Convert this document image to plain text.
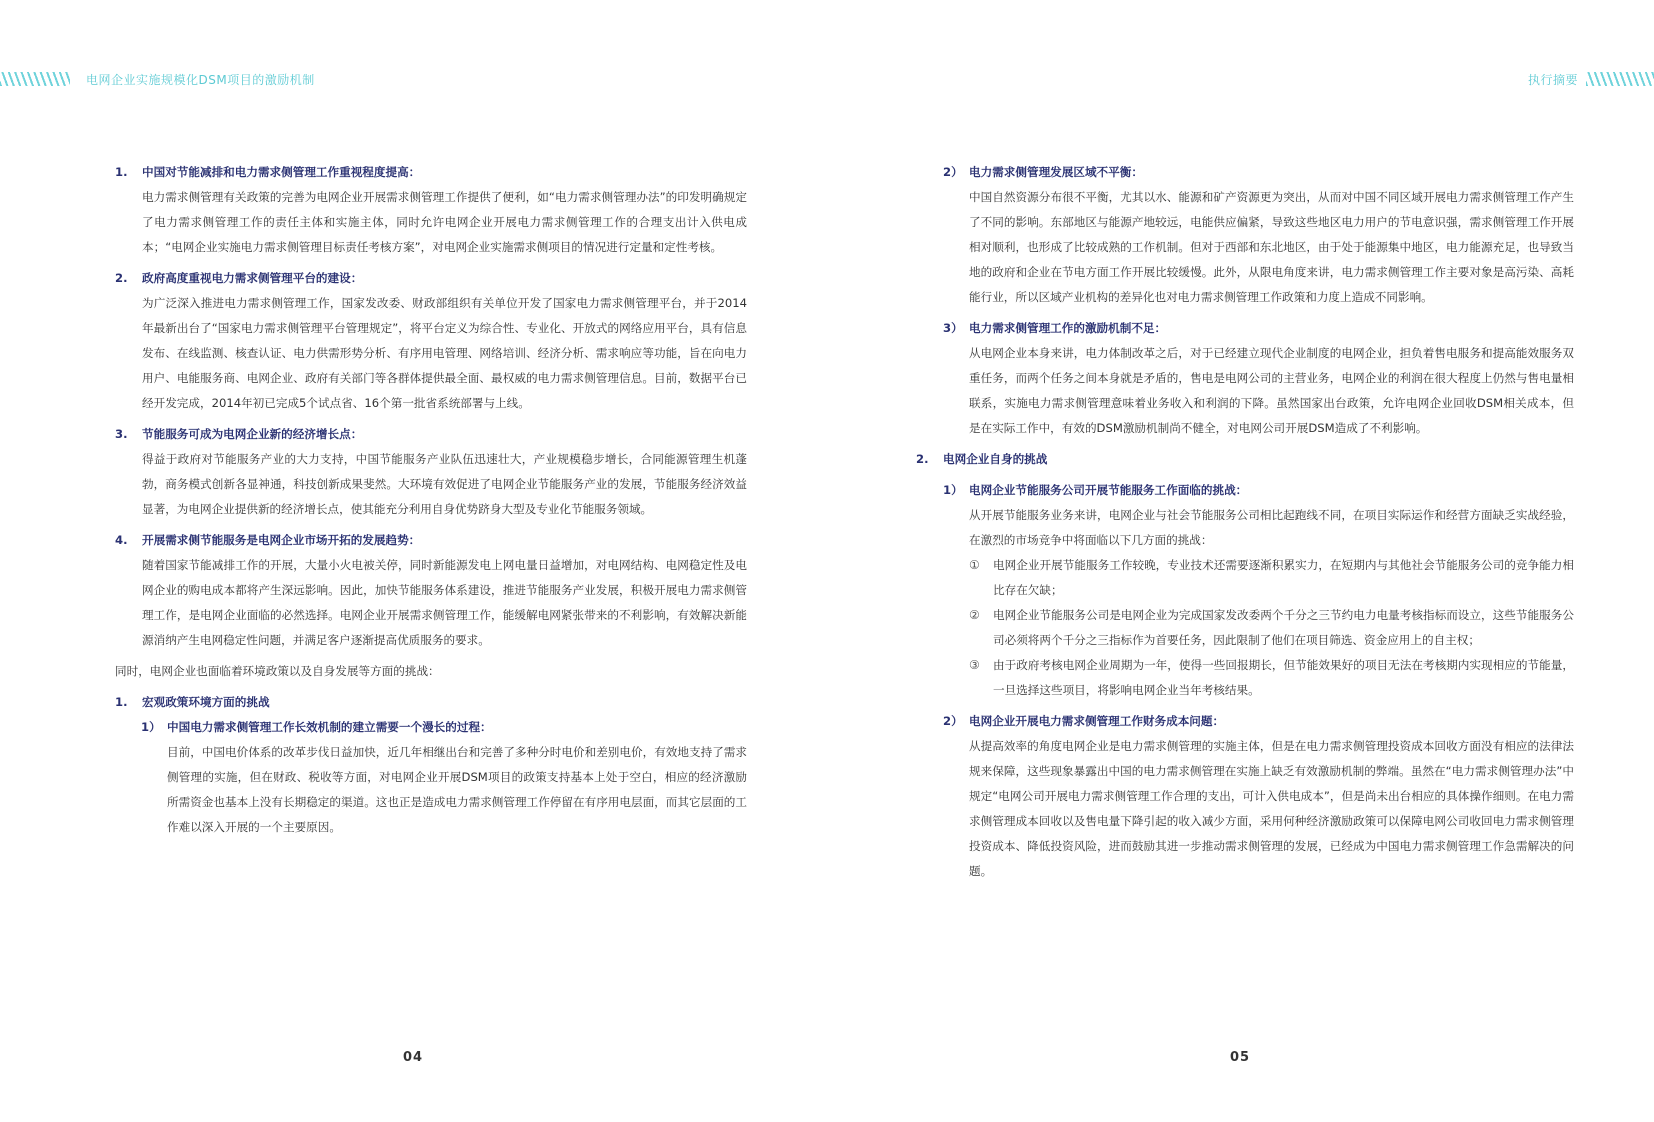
电网企业实施规模化DSM项目的激励机制	执行摘要
1. 中国对节能减排和电力需求侧管理工作重视程度提高：
电力需求侧管理有关政策的完善为电网企业开展需求侧管理工作提供了便利，如“电力需求侧管理办法”的印发明确规定了电力需求侧管理工作的责任主体和实施主体，同时允许电网企业开展电力需求侧管理工作的合理支出计入供电成本；“电网企业实施电力需求侧管理目标责任考核方案”，对电网企业实施需求侧项目的情况进行定量和定性考核。
2. 政府高度重视电力需求侧管理平台的建设：
为广泛深入推进电力需求侧管理工作，国家发改委、财政部组织有关单位开发了国家电力需求侧管理平台，并于2014年最新出台了“国家电力需求侧管理平台管理规定”，将平台定义为综合性、专业化、开放式的网络应用平台，具有信息发布、在线监测、核查认证、电力供需形势分析、有序用电管理、网络培训、经济分析、需求响应等功能，旨在向电力用户、电能服务商、电网企业、政府有关部门等各群体提供最全面、最权威的电力需求侧管理信息。目前，数据平台已经开发完成，2014年初已完成5个试点省、16个第一批省系统部署与上线。
3. 节能服务可成为电网企业新的经济增长点：
得益于政府对节能服务产业的大力支持，中国节能服务产业队伍迅速壮大，产业规模稳步增长，合同能源管理生机蓬勃，商务模式创新各显神通，科技创新成果斐然。大环境有效促进了电网企业节能服务产业的发展，节能服务经济效益显著，为电网企业提供新的经济增长点，使其能充分利用自身优势跻身大型及专业化节能服务领域。
4. 开展需求侧节能服务是电网企业市场开拓的发展趋势：
随着国家节能减排工作的开展，大量小火电被关停，同时新能源发电上网电量日益增加，对电网结构、电网稳定性及电网企业的购电成本都将产生深远影响。因此，加快节能服务体系建设，推进节能服务产业发展，积极开展电力需求侧管理工作，是电网企业面临的必然选择。电网企业开展需求侧管理工作，能缓解电网紧张带来的不利影响，有效解决新能源消纳产生电网稳定性问题，并满足客户逐渐提高优质服务的要求。
同时，电网企业也面临着环境政策以及自身发展等方面的挑战：
1. 宏观政策环境方面的挑战
1） 中国电力需求侧管理工作长效机制的建立需要一个漫长的过程：
目前，中国电价体系的改革步伐日益加快，近几年相继出台和完善了多种分时电价和差别电价，有效地支持了需求侧管理的实施，但在财政、税收等方面，对电网企业开展DSM项目的政策支持基本上处于空白，相应的经济激励所需资金也基本上没有长期稳定的渠道。这也正是造成电力需求侧管理工作停留在有序用电层面，而其它层面的工作难以深入开展的一个主要原因。
04
2） 电力需求侧管理发展区域不平衡：
中国自然资源分布很不平衡，尤其以水、能源和矿产资源更为突出，从而对中国不同区域开展电力需求侧管理工作产生了不同的影响。东部地区与能源产地较远，电能供应偏紧，导致这些地区电力用户的节电意识强，需求侧管理工作开展相对顺利，也形成了比较成熟的工作机制。但对于西部和东北地区，由于处于能源集中地区，电力能源充足，也导致当地的政府和企业在节电方面工作开展比较缓慢。此外，从限电角度来讲，电力需求侧管理工作主要对象是高污染、高耗能行业，所以区域产业机构的差异化也对电力需求侧管理工作政策和力度上造成不同影响。
3） 电力需求侧管理工作的激励机制不足：
从电网企业本身来讲，电力体制改革之后，对于已经建立现代企业制度的电网企业，担负着售电服务和提高能效服务双重任务，而两个任务之间本身就是矛盾的，售电是电网公司的主营业务，电网企业的利润在很大程度上仍然与售电量相联系，实施电力需求侧管理意味着业务收入和利润的下降。虽然国家出台政策，允许电网企业回收DSM相关成本，但是在实际工作中，有效的DSM激励机制尚不健全，对电网公司开展DSM造成了不利影响。
2. 电网企业自身的挑战
1） 电网企业节能服务公司开展节能服务工作面临的挑战：
从开展节能服务业务来讲，电网企业与社会节能服务公司相比起跑线不同，在项目实际运作和经营方面缺乏实战经验，在激烈的市场竞争中将面临以下几方面的挑战：
① 电网企业开展节能服务工作较晚，专业技术还需要逐渐积累实力，在短期内与其他社会节能服务公司的竞争能力相比存在欠缺；
② 电网企业节能服务公司是电网企业为完成国家发改委两个千分之三节约电力电量考核指标而设立，这些节能服务公司必须将两个千分之三指标作为首要任务，因此限制了他们在项目筛选、资金应用上的自主权；
③ 由于政府考核电网企业周期为一年，使得一些回报期长，但节能效果好的项目无法在考核期内实现相应的节能量，一旦选择这些项目，将影响电网企业当年考核结果。
2） 电网企业开展电力需求侧管理工作财务成本问题：
从提高效率的角度电网企业是电力需求侧管理的实施主体，但是在电力需求侧管理投资成本回收方面没有相应的法律法规来保障，这些现象暴露出中国的电力需求侧管理在实施上缺乏有效激励机制的弊端。虽然在“电力需求侧管理办法”中规定“电网公司开展电力需求侧管理工作合理的支出，可计入供电成本”，但是尚未出台相应的具体操作细则。在电力需求侧管理成本回收以及售电量下降引起的收入减少方面，采用何种经济激励政策可以保障电网公司收回电力需求侧管理投资成本、降低投资风险，进而鼓励其进一步推动需求侧管理的发展，已经成为中国电力需求侧管理工作急需解决的问题。
05
